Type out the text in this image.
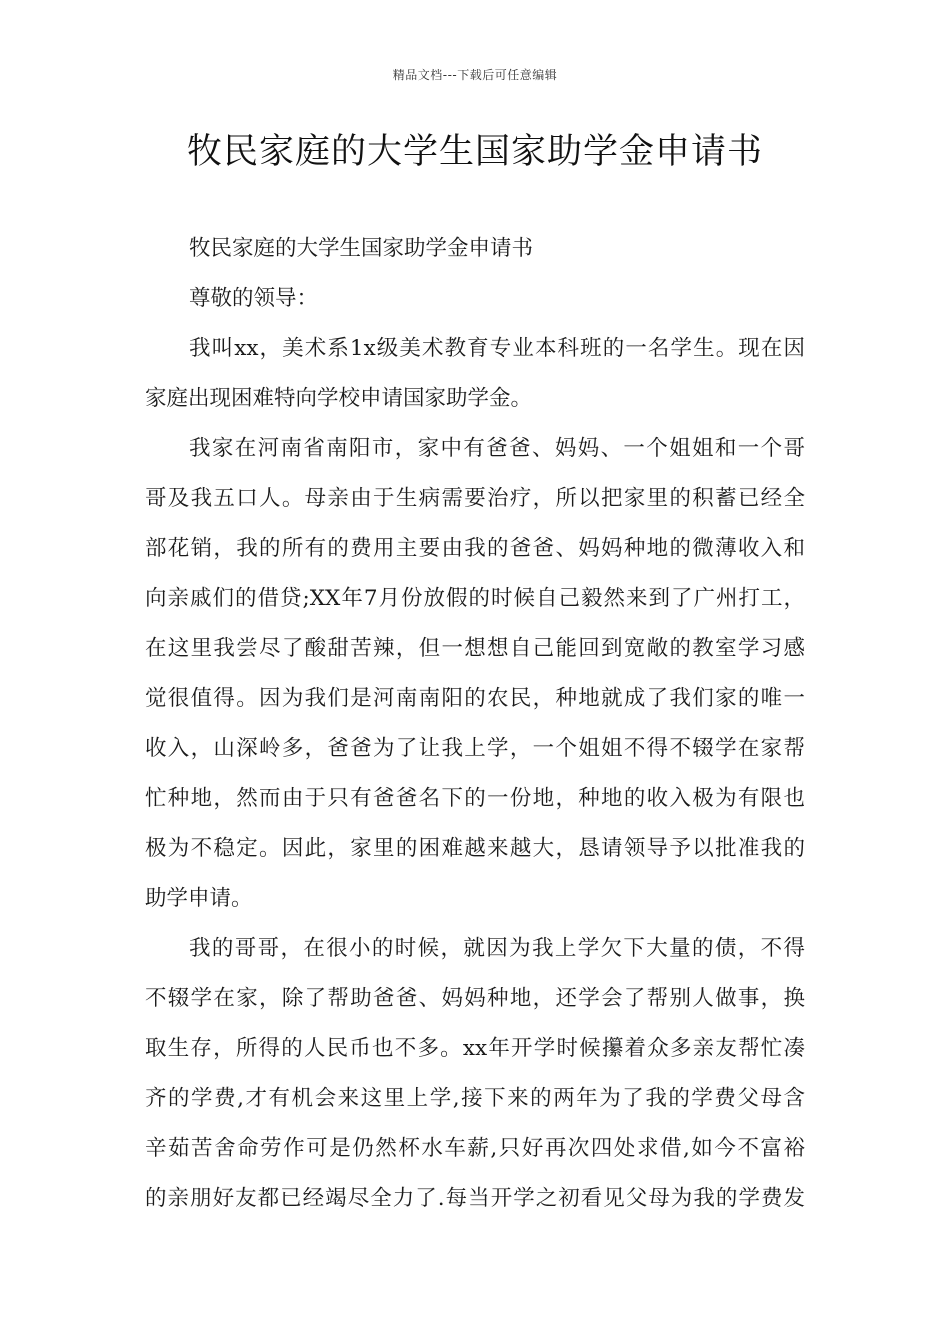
精品文档---下载后可任意编辑
牧民家庭的大学生国家助学金申请书
牧民家庭的大学生国家助学金申请书
尊敬的领导：
我叫xx，美术系1x级美术教育专业本科班的一名学生。现在因
家庭出现困难特向学校申请国家助学金。
我家在河南省南阳市，家中有爸爸、妈妈、一个姐姐和一个哥
哥及我五口人。母亲由于生病需要治疗，所以把家里的积蓄已经全
部花销，我的所有的费用主要由我的爸爸、妈妈种地的微薄收入和
向亲戚们的借贷;XX年7月份放假的时候自己毅然来到了广州打工，
在这里我尝尽了酸甜苦辣，但一想想自己能回到宽敞的教室学习感
觉很值得。因为我们是河南南阳的农民，种地就成了我们家的唯一
收入，山深岭多，爸爸为了让我上学，一个姐姐不得不辍学在家帮
忙种地，然而由于只有爸爸名下的一份地，种地的收入极为有限也
极为不稳定。因此，家里的困难越来越大，恳请领导予以批准我的
助学申请。
我的哥哥，在很小的时候，就因为我上学欠下大量的债，不得
不辍学在家，除了帮助爸爸、妈妈种地，还学会了帮别人做事，换
取生存，所得的人民币也不多。xx年开学时候攥着众多亲友帮忙凑
齐的学费,才有机会来这里上学,接下来的两年为了我的学费父母含
辛茹苦舍命劳作可是仍然杯水车薪,只好再次四处求借,如今不富裕
的亲朋好友都已经竭尽全力了.每当开学之初看见父母为我的学费发
